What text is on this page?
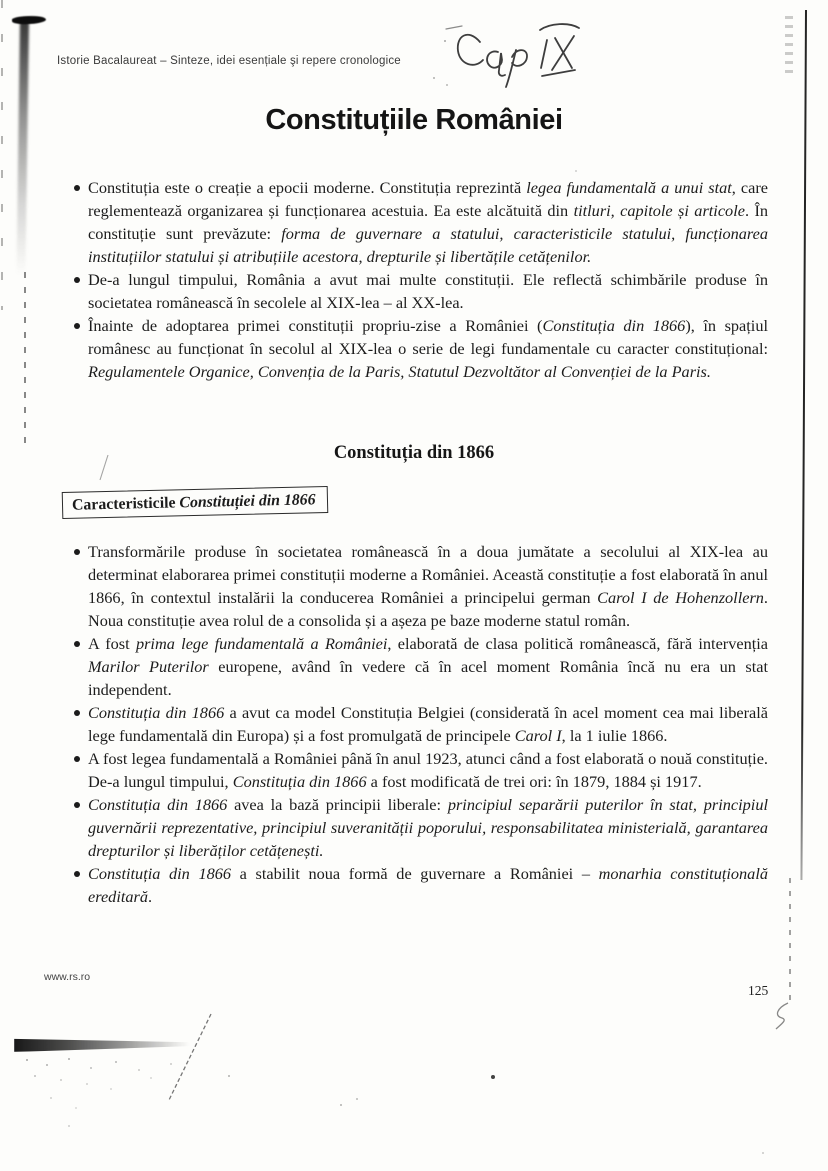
Istorie Bacalaureat – Sinteze, idei esențiale şi repere cronologice
Constituțiile României
Constituția este o creație a epocii moderne. Constituția reprezintă legea fundamentală a unui stat, care reglementează organizarea și funcționarea acestuia. Ea este alcătuită din titluri, capitole și articole. În constituție sunt prevăzute: forma de guvernare a statului, caracteristicile statului, funcționarea instituțiilor statului și atribuțiile acestora, drepturile și libertățile cetățenilor.
De-a lungul timpului, România a avut mai multe constituții. Ele reflectă schimbările produse în societatea românească în secolele al XIX-lea – al XX-lea.
Înainte de adoptarea primei constituții propriu-zise a României (Constituția din 1866), în spațiul românesc au funcționat în secolul al XIX-lea o serie de legi fundamentale cu caracter constituțional: Regulamentele Organice, Convenția de la Paris, Statutul Dezvoltător al Convenției de la Paris.
Constituția din 1866
Caracteristicile Constituției din 1866
Transformările produse în societatea românească în a doua jumătate a secolului al XIX-lea au determinat elaborarea primei constituții moderne a României. Această constituție a fost elaborată în anul 1866, în contextul instalării la conducerea României a principelui german Carol I de Hohenzollern. Noua constituție avea rolul de a consolida și a așeza pe baze moderne statul român.
A fost prima lege fundamentală a României, elaborată de clasa politică românească, fără intervenția Marilor Puterilor europene, având în vedere că în acel moment România încă nu era un stat independent.
Constituția din 1866 a avut ca model Constituția Belgiei (considerată în acel moment cea mai liberală lege fundamentală din Europa) și a fost promulgată de principele Carol I, la 1 iulie 1866.
A fost legea fundamentală a României până în anul 1923, atunci când a fost elaborată o nouă constituție. De-a lungul timpului, Constituția din 1866 a fost modificată de trei ori: în 1879, 1884 și 1917.
Constituția din 1866 avea la bază principii liberale: principiul separării puterilor în stat, principiul guvernării reprezentative, principiul suveranității poporului, responsabilitatea ministerială, garantarea drepturilor și liberăților cetățenești.
Constituția din 1866 a stabilit noua formă de guvernare a României – monarhia constituțională ereditară.
www.rs.ro
125
